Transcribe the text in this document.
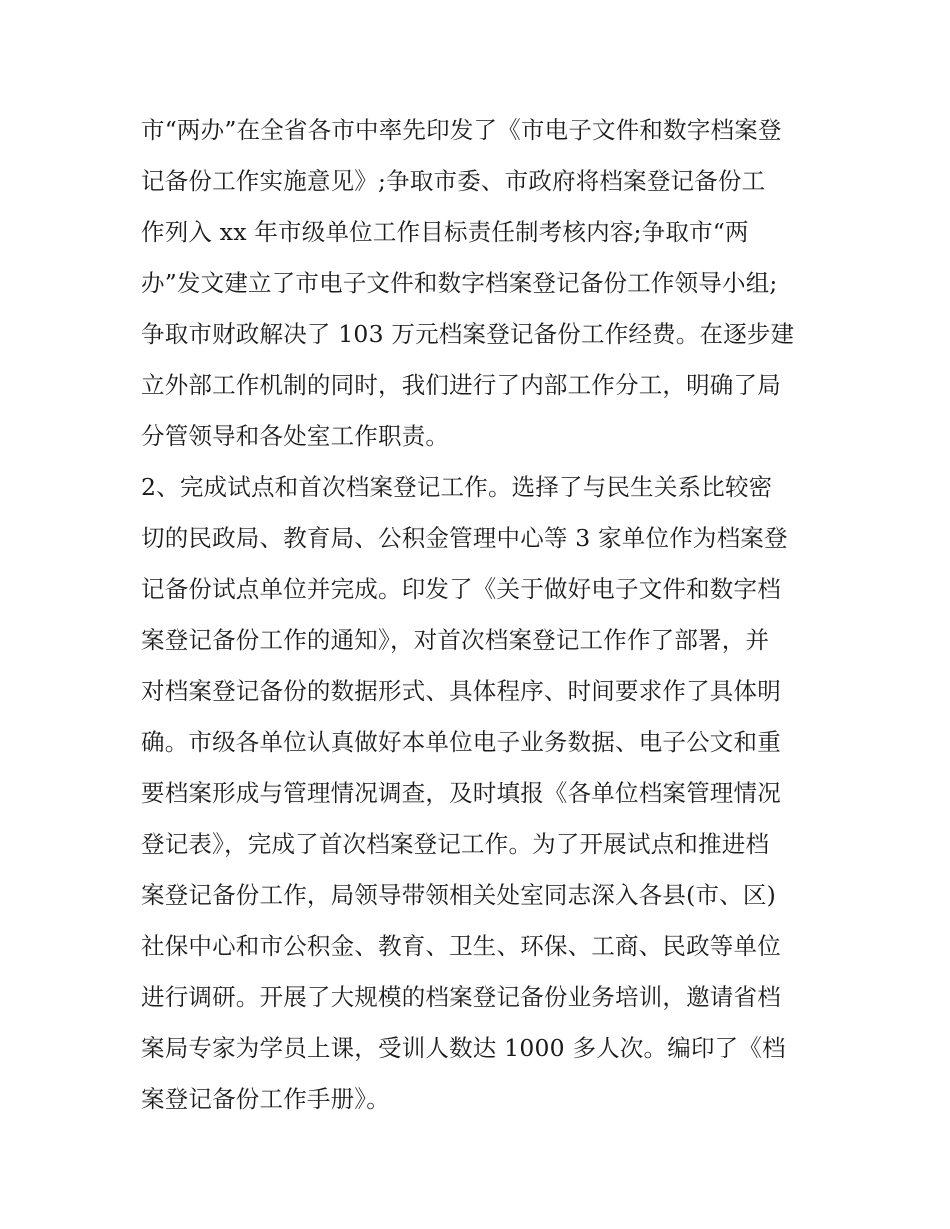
市“两办”在全省各市中率先印发了《市电子文件和数字档案登
记备份工作实施意见》;争取市委、市政府将档案登记备份工
作列入 xx 年市级单位工作目标责任制考核内容;争取市“两
办”发文建立了市电子文件和数字档案登记备份工作领导小组;
争取市财政解决了 103 万元档案登记备份工作经费。在逐步建
立外部工作机制的同时，我们进行了内部工作分工，明确了局
分管领导和各处室工作职责。
2、完成试点和首次档案登记工作。选择了与民生关系比较密
切的民政局、教育局、公积金管理中心等 3 家单位作为档案登
记备份试点单位并完成。印发了《关于做好电子文件和数字档
案登记备份工作的通知》，对首次档案登记工作作了部署，并
对档案登记备份的数据形式、具体程序、时间要求作了具体明
确。市级各单位认真做好本单位电子业务数据、电子公文和重
要档案形成与管理情况调查，及时填报《各单位档案管理情况
登记表》，完成了首次档案登记工作。为了开展试点和推进档
案登记备份工作，局领导带领相关处室同志深入各县(市、区)
社保中心和市公积金、教育、卫生、环保、工商、民政等单位
进行调研。开展了大规模的档案登记备份业务培训，邀请省档
案局专家为学员上课，受训人数达 1000 多人次。编印了《档
案登记备份工作手册》。
